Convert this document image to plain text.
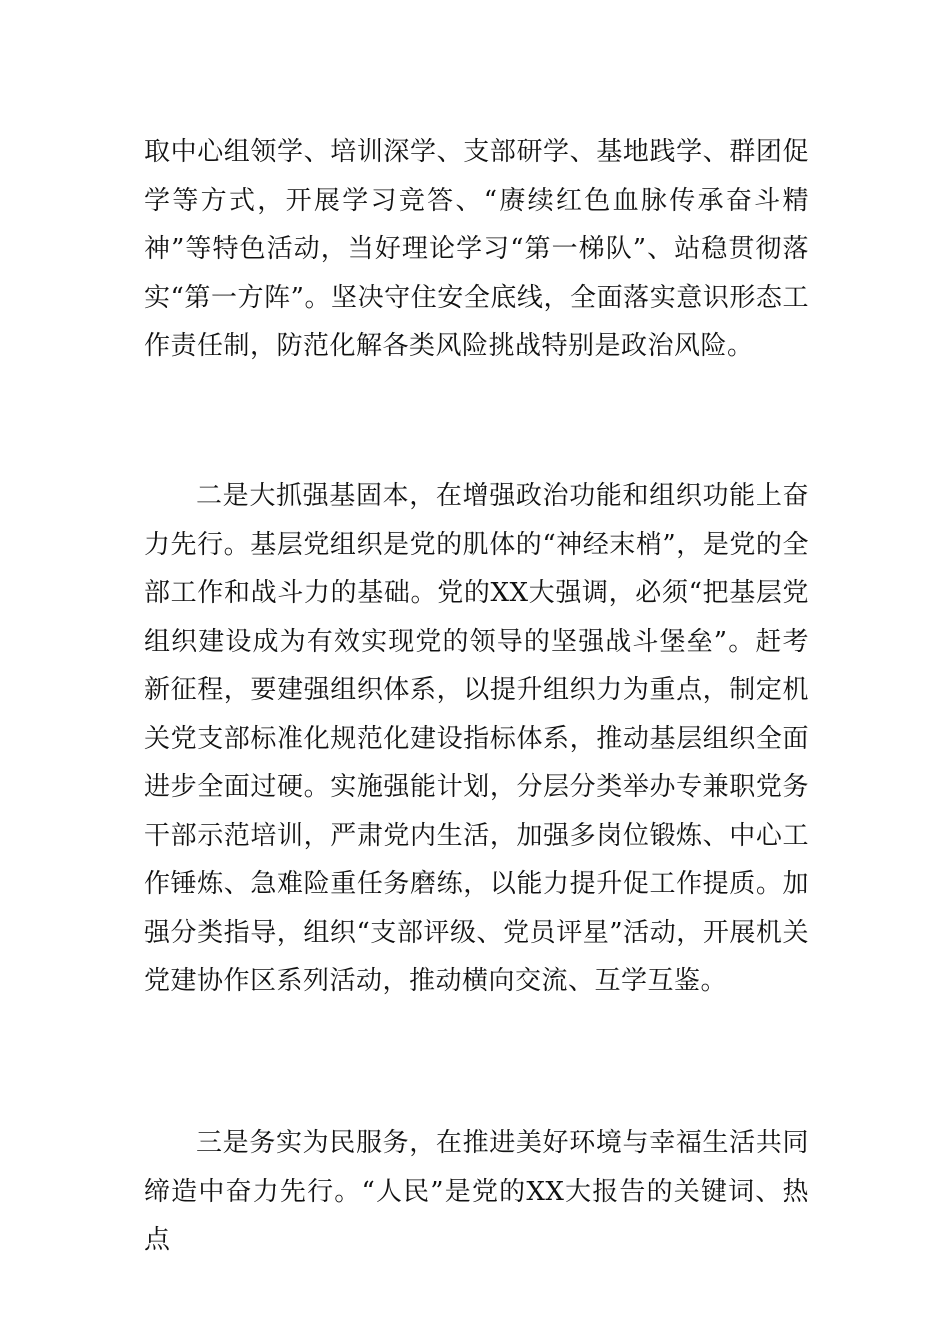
取中心组领学、培训深学、支部研学、基地践学、群团促学等方式，开展学习竞答、“赓续红色血脉传承奋斗精神”等特色活动，当好理论学习“第一梯队”、站稳贯彻落实“第一方阵”。坚决守住安全底线，全面落实意识形态工作责任制，防范化解各类风险挑战特别是政治风险。

二是大抓强基固本，在增强政治功能和组织功能上奋力先行。基层党组织是党的肌体的“神经末梢”，是党的全部工作和战斗力的基础。党的XX大强调，必须“把基层党组织建设成为有效实现党的领导的坚强战斗堡垒”。赶考新征程，要建强组织体系，以提升组织力为重点，制定机关党支部标准化规范化建设指标体系，推动基层组织全面进步全面过硬。实施强能计划，分层分类举办专兼职党务干部示范培训，严肃党内生活，加强多岗位锻炼、中心工作锤炼、急难险重任务磨练，以能力提升促工作提质。加强分类指导，组织“支部评级、党员评星”活动，开展机关党建协作区系列活动，推动横向交流、互学互鉴。

三是务实为民服务，在推进美好环境与幸福生活共同缔造中奋力先行。“人民”是党的XX大报告的关键词、热点
